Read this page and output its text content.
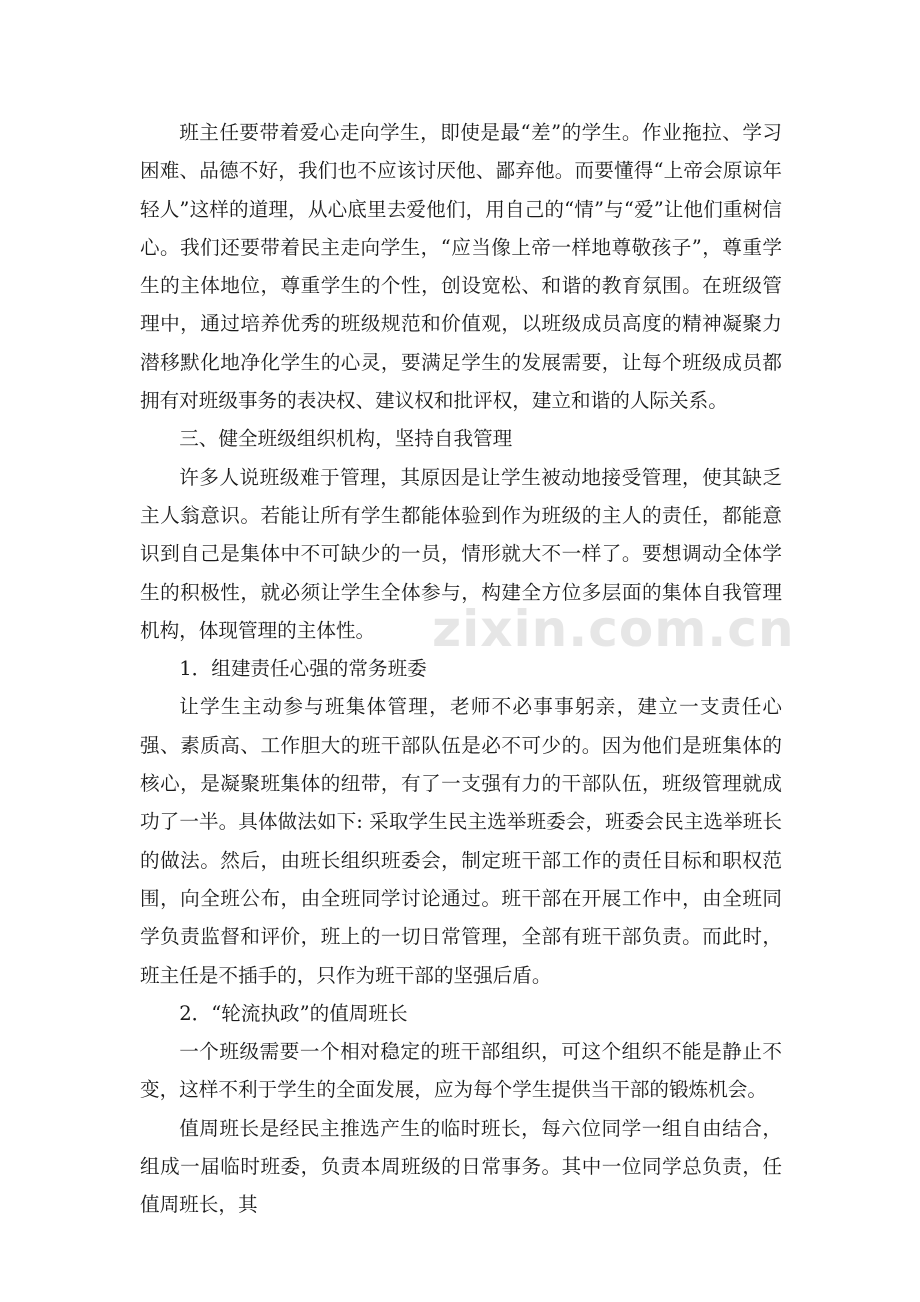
zixin.com.cn

班主任要带着爱心走向学生，即使是最“差”的学生。作业拖拉、学习困难、品德不好，我们也不应该讨厌他、鄙弃他。而要懂得“上帝会原谅年轻人”这样的道理，从心底里去爱他们，用自己的“情”与“爱”让他们重树信心。我们还要带着民主走向学生，“应当像上帝一样地尊敬孩子”，尊重学生的主体地位，尊重学生的个性，创设宽松、和谐的教育氛围。在班级管理中，通过培养优秀的班级规范和价值观，以班级成员高度的精神凝聚力潜移默化地净化学生的心灵，要满足学生的发展需要，让每个班级成员都拥有对班级事务的表决权、建议权和批评权，建立和谐的人际关系。

三、健全班级组织机构，坚持自我管理

许多人说班级难于管理，其原因是让学生被动地接受管理，使其缺乏主人翁意识。若能让所有学生都能体验到作为班级的主人的责任，都能意识到自己是集体中不可缺少的一员，情形就大不一样了。要想调动全体学生的积极性，就必须让学生全体参与，构建全方位多层面的集体自我管理机构，体现管理的主体性。

1．组建责任心强的常务班委

让学生主动参与班集体管理，老师不必事事躬亲，建立一支责任心强、素质高、工作胆大的班干部队伍是必不可少的。因为他们是班集体的核心，是凝聚班集体的纽带，有了一支强有力的干部队伍，班级管理就成功了一半。具体做法如下: 采取学生民主选举班委会，班委会民主选举班长的做法。然后，由班长组织班委会，制定班干部工作的责任目标和职权范围，向全班公布，由全班同学讨论通过。班干部在开展工作中，由全班同学负责监督和评价，班上的一切日常管理，全部有班干部负责。而此时，班主任是不插手的，只作为班干部的坚强后盾。

2．“轮流执政”的值周班长

一个班级需要一个相对稳定的班干部组织，可这个组织不能是静止不变，这样不利于学生的全面发展，应为每个学生提供当干部的锻炼机会。

值周班长是经民主推选产生的临时班长，每六位同学一组自由结合，组成一届临时班委，负责本周班级的日常事务。其中一位同学总负责，任值周班长，其
